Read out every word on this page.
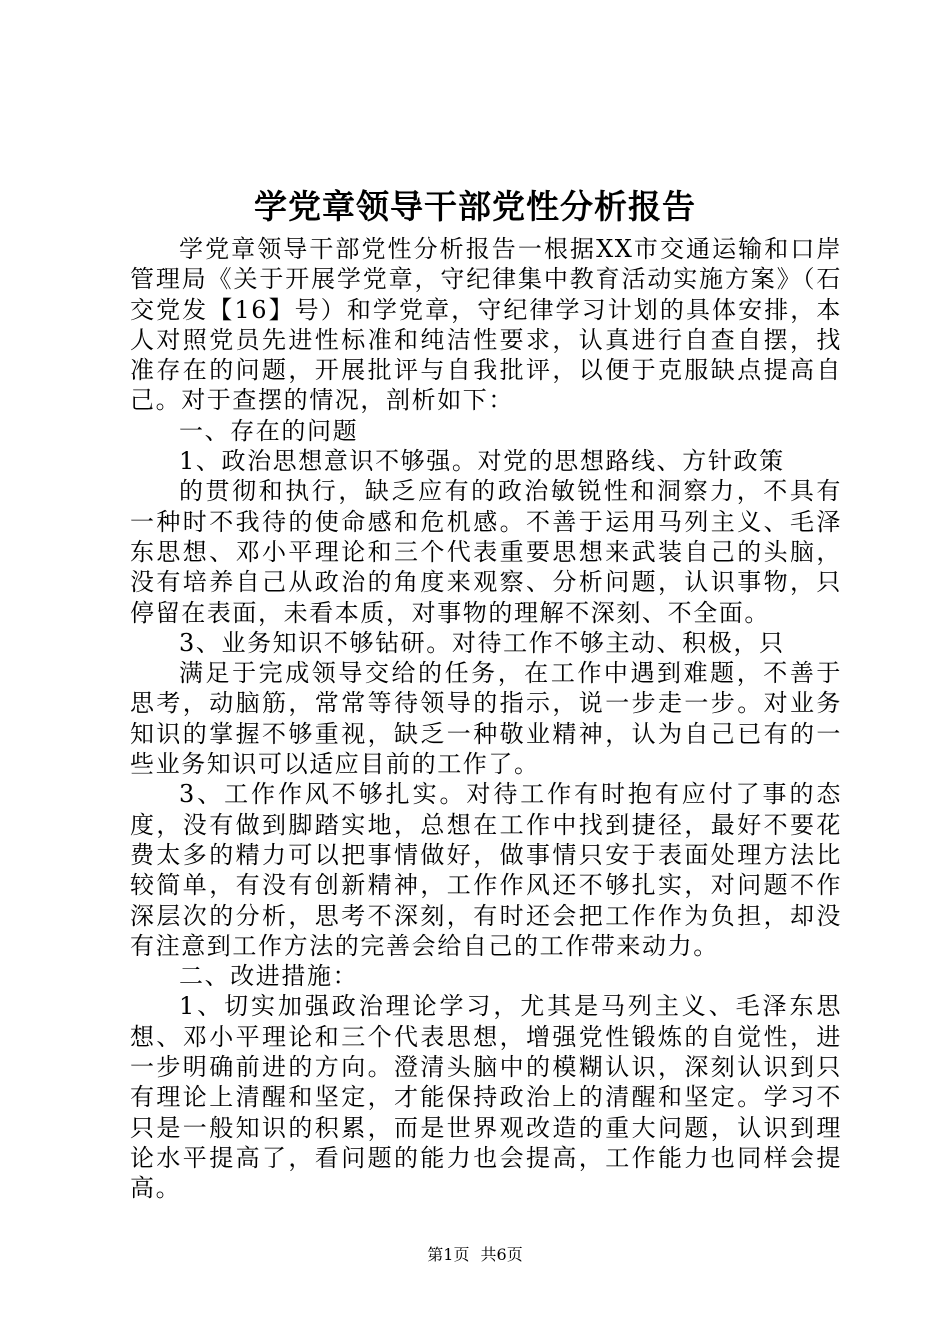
学党章领导干部党性分析报告

学党章领导干部党性分析报告一根据XX市交通运输和口岸管理局《关于开展学党章，守纪律集中教育活动实施方案》（石交党发【16】号）和学党章，守纪律学习计划的具体安排，本人对照党员先进性标准和纯洁性要求，认真进行自查自摆，找准存在的问题，开展批评与自我批评，以便于克服缺点提高自己。对于查摆的情况，剖析如下：

一、存在的问题

1、政治思想意识不够强。对党的思想路线、方针政策

的贯彻和执行，缺乏应有的政治敏锐性和洞察力，不具有一种时不我待的使命感和危机感。不善于运用马列主义、毛泽东思想、邓小平理论和三个代表重要思想来武装自己的头脑，没有培养自己从政治的角度来观察、分析问题，认识事物，只停留在表面，未看本质，对事物的理解不深刻、不全面。

3、业务知识不够钻研。对待工作不够主动、积极，只

满足于完成领导交给的任务，在工作中遇到难题，不善于思考，动脑筋，常常等待领导的指示，说一步走一步。对业务知识的掌握不够重视，缺乏一种敬业精神，认为自己已有的一些业务知识可以适应目前的工作了。

3、工作作风不够扎实。对待工作有时抱有应付了事的态度，没有做到脚踏实地，总想在工作中找到捷径，最好不要花费太多的精力可以把事情做好，做事情只安于表面处理方法比较简单，有没有创新精神，工作作风还不够扎实，对问题不作深层次的分析，思考不深刻，有时还会把工作作为负担，却没有注意到工作方法的完善会给自己的工作带来动力。

二、改进措施：

1、切实加强政治理论学习，尤其是马列主义、毛泽东思想、邓小平理论和三个代表思想，增强党性锻炼的自觉性，进一步明确前进的方向。澄清头脑中的模糊认识，深刻认识到只有理论上清醒和坚定，才能保持政治上的清醒和坚定。学习不只是一般知识的积累，而是世界观改造的重大问题，认识到理论水平提高了，看问题的能力也会提高，工作能力也同样会提高。

第1页 共6页
